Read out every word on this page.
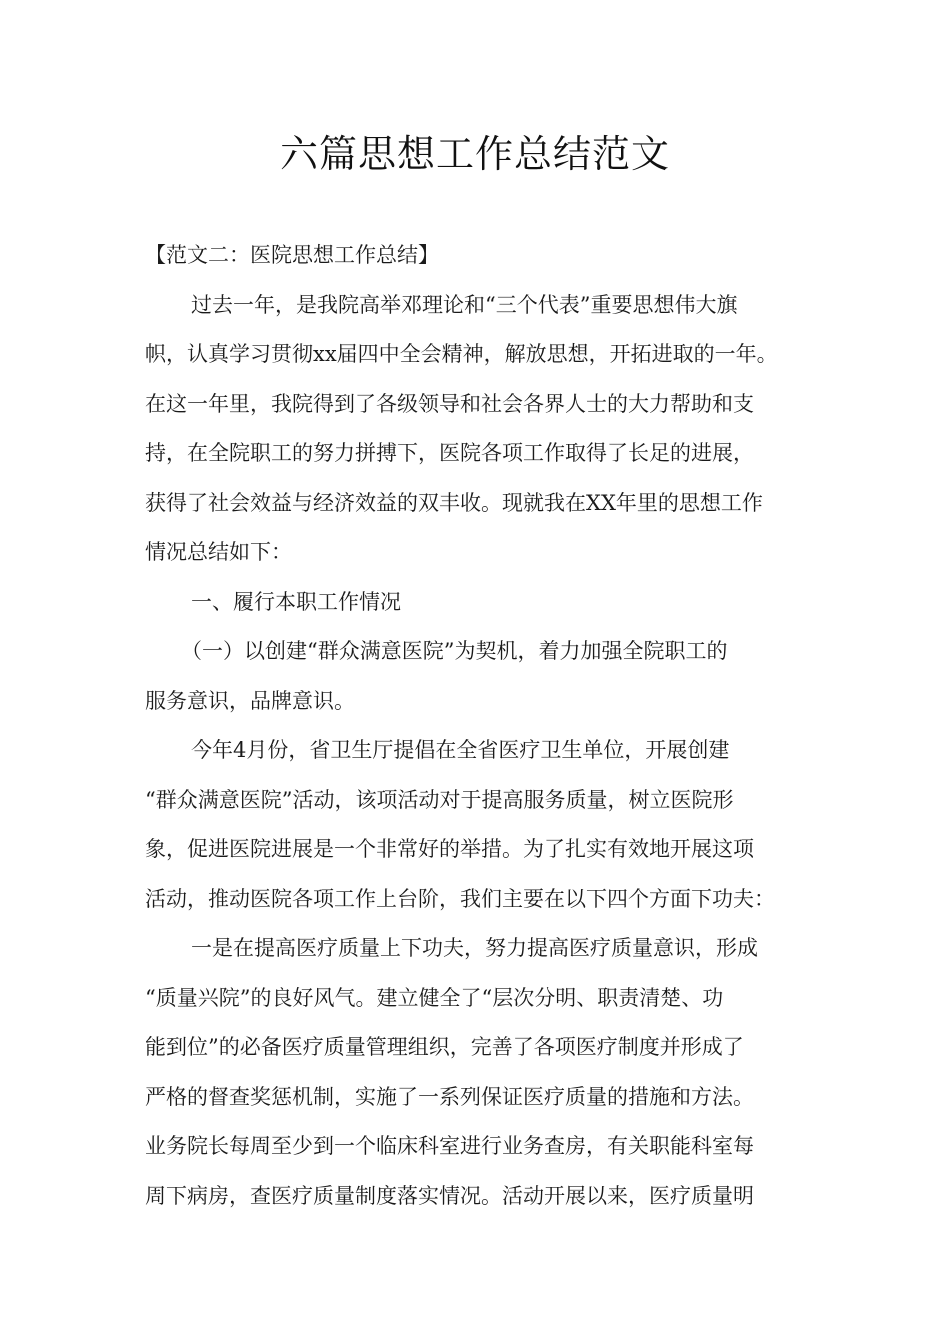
六篇思想工作总结范文
【范文二：医院思想工作总结】
过去一年，是我院高举邓理论和“三个代表”重要思想伟大旗
帜，认真学习贯彻xx届四中全会精神，解放思想，开拓进取的一年。
在这一年里，我院得到了各级领导和社会各界人士的大力帮助和支
持，在全院职工的努力拼搏下，医院各项工作取得了长足的进展，
获得了社会效益与经济效益的双丰收。现就我在XX年里的思想工作
情况总结如下：
一、履行本职工作情况
（一）以创建“群众满意医院”为契机，着力加强全院职工的
服务意识，品牌意识。
今年4月份，省卫生厅提倡在全省医疗卫生单位，开展创建
“群众满意医院”活动，该项活动对于提高服务质量，树立医院形
象，促进医院进展是一个非常好的举措。为了扎实有效地开展这项
活动，推动医院各项工作上台阶，我们主要在以下四个方面下功夫：
一是在提高医疗质量上下功夫，努力提高医疗质量意识，形成
“质量兴院”的良好风气。建立健全了“层次分明、职责清楚、功
能到位”的必备医疗质量管理组织，完善了各项医疗制度并形成了
严格的督查奖惩机制，实施了一系列保证医疗质量的措施和方法。
业务院长每周至少到一个临床科室进行业务查房，有关职能科室每
周下病房，查医疗质量制度落实情况。活动开展以来，医疗质量明
